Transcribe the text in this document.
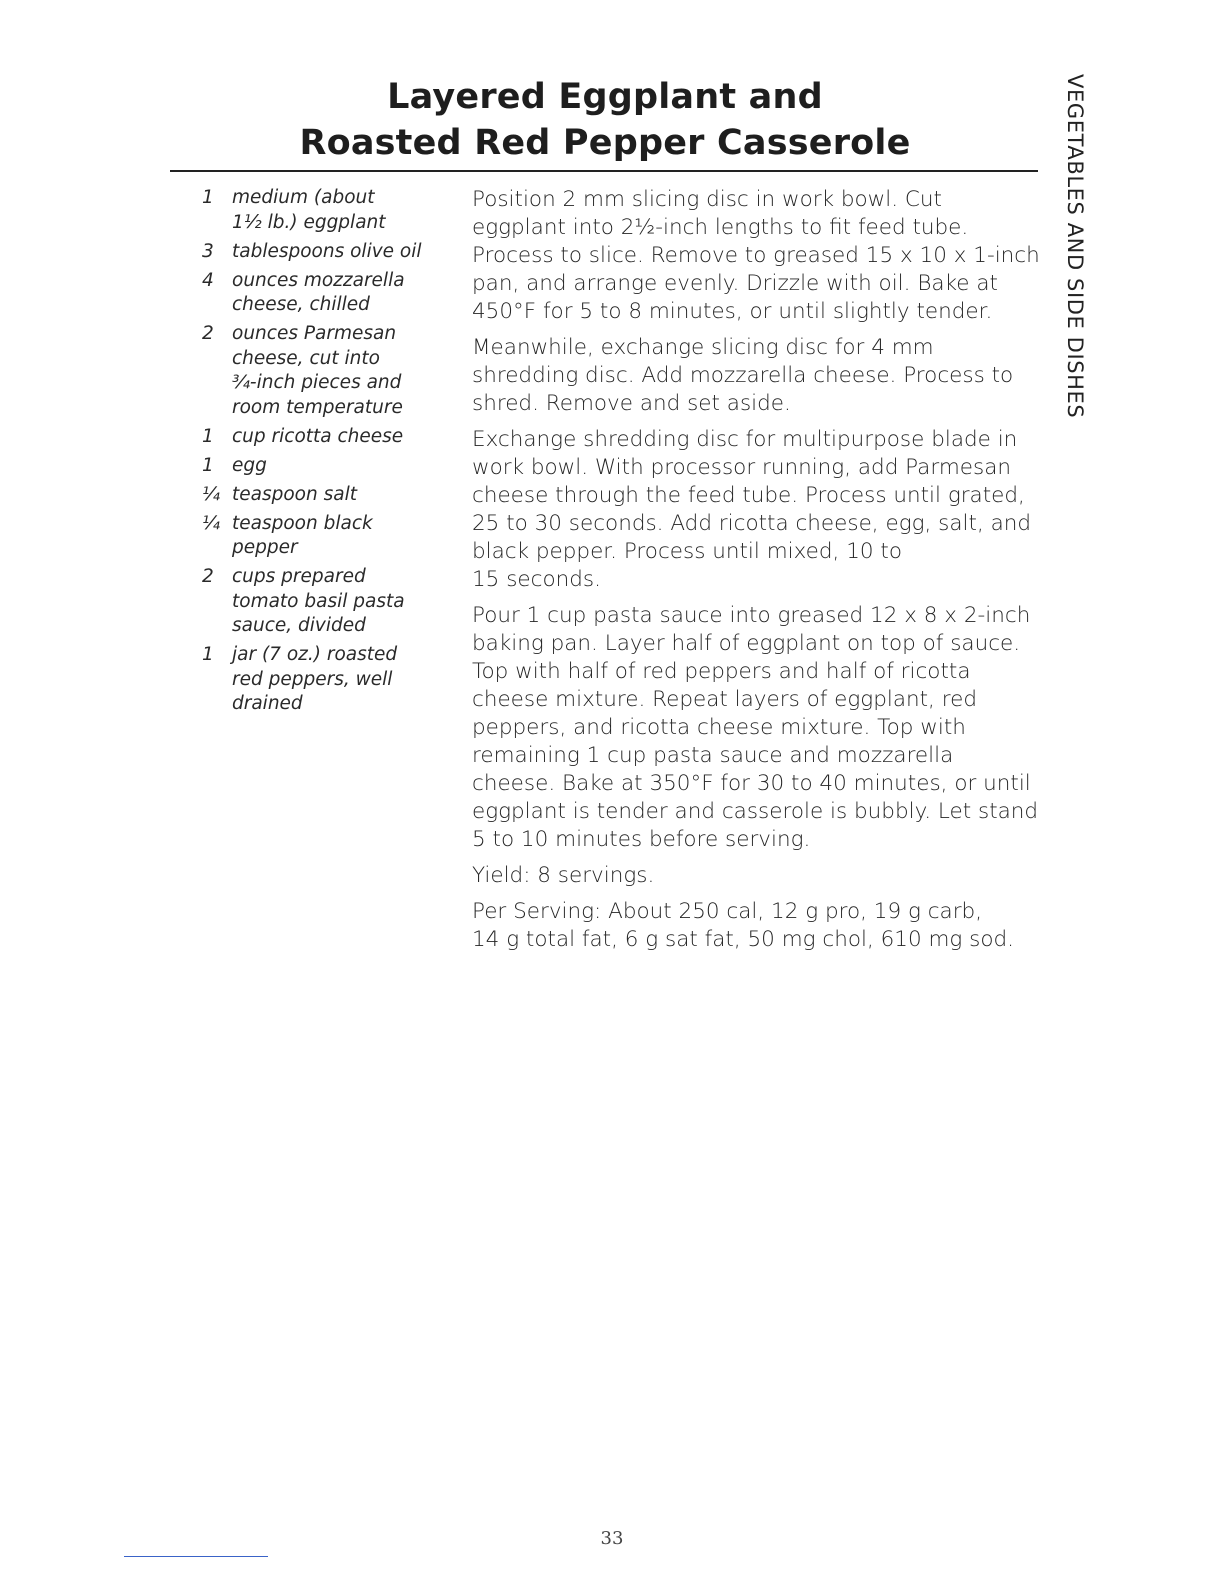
Layered Eggplant and
Roasted Red Pepper Casserole	VEGETABLES AND SIDE DISHES
1 medium (about
1½ lb.) eggplant
3 tablespoons olive oil
4 ounces mozzarella
cheese, chilled
2 ounces Parmesan
cheese, cut into
¾-inch pieces and
room temperature
1 cup ricotta cheese
1 egg
¼ teaspoon salt
¼ teaspoon black
pepper
2 cups prepared
tomato basil pasta
sauce, divided
1 jar (7 oz.) roasted
red peppers, well
drained

Position 2 mm slicing disc in work bowl. Cut
eggplant into 2½-inch lengths to fit feed tube.
Process to slice. Remove to greased 15 x 10 x 1-inch
pan, and arrange evenly. Drizzle with oil. Bake at
450°F for 5 to 8 minutes, or until slightly tender.

Meanwhile, exchange slicing disc for 4 mm
shredding disc. Add mozzarella cheese. Process to
shred. Remove and set aside.

Exchange shredding disc for multipurpose blade in
work bowl. With processor running, add Parmesan
cheese through the feed tube. Process until grated,
25 to 30 seconds. Add ricotta cheese, egg, salt, and
black pepper. Process until mixed, 10 to
15 seconds.

Pour 1 cup pasta sauce into greased 12 x 8 x 2-inch
baking pan. Layer half of eggplant on top of sauce.
Top with half of red peppers and half of ricotta
cheese mixture. Repeat layers of eggplant, red
peppers, and ricotta cheese mixture. Top with
remaining 1 cup pasta sauce and mozzarella
cheese. Bake at 350°F for 30 to 40 minutes, or until
eggplant is tender and casserole is bubbly. Let stand
5 to 10 minutes before serving.

Yield: 8 servings.

Per Serving: About 250 cal, 12 g pro, 19 g carb,
14 g total fat, 6 g sat fat, 50 mg chol, 610 mg sod.

33
